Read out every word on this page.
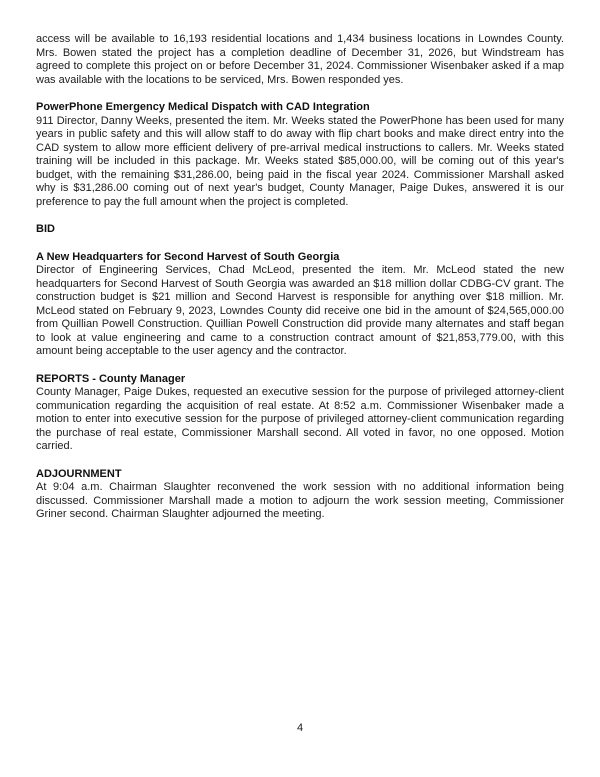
access will be available to 16,193 residential locations and 1,434 business locations in Lowndes County. Mrs. Bowen stated the project has a completion deadline of December 31, 2026, but Windstream has agreed to complete this project on or before December 31, 2024. Commissioner Wisenbaker asked if a map was available with the locations to be serviced, Mrs. Bowen responded yes.

PowerPhone Emergency Medical Dispatch with CAD Integration

911 Director, Danny Weeks, presented the item. Mr. Weeks stated the PowerPhone has been used for many years in public safety and this will allow staff to do away with flip chart books and make direct entry into the CAD system to allow more efficient delivery of pre-arrival medical instructions to callers. Mr. Weeks stated training will be included in this package. Mr. Weeks stated $85,000.00, will be coming out of this year's budget, with the remaining $31,286.00, being paid in the fiscal year 2024. Commissioner Marshall asked why is $31,286.00 coming out of next year's budget, County Manager, Paige Dukes, answered it is our preference to pay the full amount when the project is completed.

BID
A New Headquarters for Second Harvest of South Georgia

Director of Engineering Services, Chad McLeod, presented the item. Mr. McLeod stated the new headquarters for Second Harvest of South Georgia was awarded an $18 million dollar CDBG-CV grant. The construction budget is $21 million and Second Harvest is responsible for anything over $18 million. Mr. McLeod stated on February 9, 2023, Lowndes County did receive one bid in the amount of $24,565,000.00 from Quillian Powell Construction. Quillian Powell Construction did provide many alternates and staff began to look at value engineering and came to a construction contract amount of $21,853,779.00, with this amount being acceptable to the user agency and the contractor.

REPORTS - County Manager

County Manager, Paige Dukes, requested an executive session for the purpose of privileged attorney-client communication regarding the acquisition of real estate. At 8:52 a.m. Commissioner Wisenbaker made a motion to enter into executive session for the purpose of privileged attorney-client communication regarding the purchase of real estate, Commissioner Marshall second. All voted in favor, no one opposed. Motion carried.

ADJOURNMENT

At 9:04 a.m. Chairman Slaughter reconvened the work session with no additional information being discussed. Commissioner Marshall made a motion to adjourn the work session meeting, Commissioner Griner second. Chairman Slaughter adjourned the meeting.

4
